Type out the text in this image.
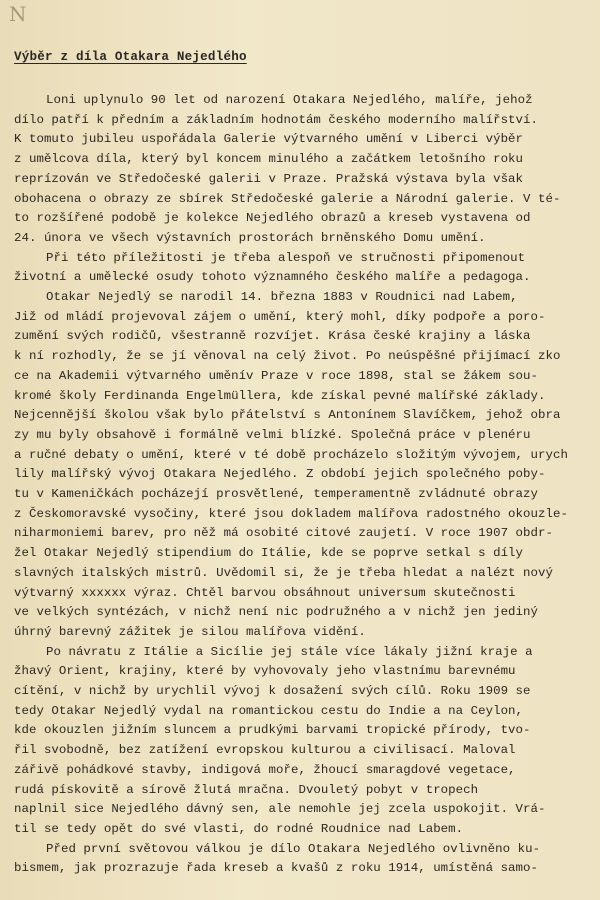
N
Výběr z díla Otakara Nejedlého
Loni uplynulo 90 let od narození Otakara Nejedlého, malíře, jehož
dílo patří k předním a základním hodnotám českého moderního malířství.
K tomuto jubileu uspořádala Galerie výtvarného umění v Liberci výběr
z umělcova díla, který byl koncem minulého a začátkem letošního roku
reprízován ve Středočeské galerii v Praze. Pražská výstava byla však
obohacena o obrazy ze sbírek Středočeské galerie a Národní galerie. V té-
to rozšířené podobě je kolekce Nejedlého obrazů a kreseb vystavena od
24. února ve všech výstavních prostorách brněnského Domu umění.
Při této příležitosti je třeba alespoň ve stručnosti připomenout
životní a umělecké osudy tohoto významného českého malíře a pedagoga.
Otakar Nejedlý se narodil 14. března 1883 v Roudnici nad Labem,
Již od mládí projevoval zájem o umění, který mohl, díky podpoře a poro-
zumění svých rodičů, všestranně rozvíjet. Krása české krajiny a láska
k ní rozhodly, že se jí věnoval na celý život. Po neúspěšné přijímací zko
ce na Akademii výtvarného uměnív Praze v roce 1898, stal se žákem sou-
kromé školy Ferdinanda Engelmüllera, kde získal pevné malířské základy.
Nejcennější školou však bylo přátelství s Antonínem Slavíčkem, jehož obra
zy mu byly obsahově i formálně velmi blízké. Společná práce v plenéru
a ručné debaty o umění, které v té době procházelo složitým vývojem, urych
lily malířský vývoj Otakara Nejedlého. Z období jejich společného poby-
tu v Kameničkách pocházejí prosvětlené, temperamentně zvládnuté obrazy
z Českomoravské vysočiny, které jsou dokladem malířova radostného okouzle-
niharmoniemi barev, pro něž má osobité citové zaujetí. V roce 1907 obdr-
žel Otakar Nejedlý stipendium do Itálie, kde se poprve setkal s díly
slavných italských mistrů. Uvědomil si, že je třeba hledat a nalézt nový
výtvarný xxxxxx výraz. Chtěl barvou obsáhnout universum skutečnosti
ve velkých syntézách, v nichž není nic podružného a v nichž jen jediný
úhrný barevný zážitek je silou malířova vidění.
Po návratu z Itálie a Sicílie jej stále více lákaly jižní kraje a
žhavý Orient, krajiny, které by vyhovovaly jeho vlastnímu barevnému
cítění, v nichž by urychlil vývoj k dosažení svých cílů. Roku 1909 se
tedy Otakar Nejedlý vydal na romantickou cestu do Indie a na Ceylon,
kde okouzlen jižním sluncem a prudkými barvami tropické přírody, tvo-
řil svobodně, bez zatížení evropskou kulturou a civilisací. Maloval
zářivě pohádkové stavby, indigová moře, žhoucí smaragdové vegetace,
rudá pískovitě a sírově žlutá mračna. Dvouletý pobyt v tropech
naplnil sice Nejedlého dávný sen, ale nemohle jej zcela uspokojit. Vrá-
til se tedy opět do své vlasti, do rodné Roudnice nad Labem.
Před první světovou válkou je dílo Otakara Nejedlého ovlivněno ku-
bismem, jak prozrazuje řada kreseb a kvašů z roku 1914, umístěná samo-
